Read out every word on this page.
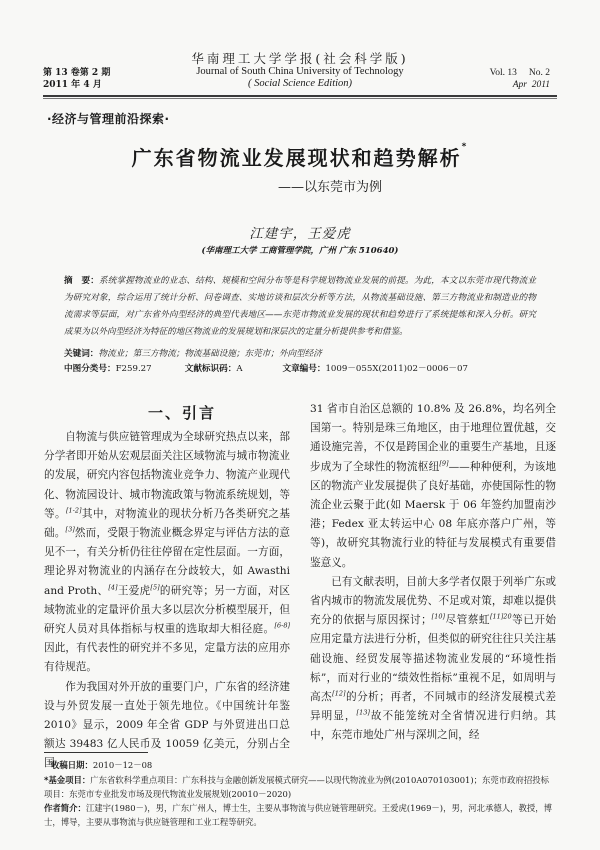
第 13 卷第 2 期
2011 年 4 月
华南理工大学学报(社会科学版)
Journal of South China University of Technology
( Social Science Edition)
Vol. 13 No. 2
Apr 2011
·经济与管理前沿探索·
广东省物流业发展现状和趋势解析*
——以东莞市为例
江建宇，王爱虎
(华南理工大学 工商管理学院，广州 广东 510640)
摘　要：系统掌握物流业的业态、结构、规模和空间分布等是科学规划物流业发展的前提。为此，本文以东莞市现代物流业为研究对象，综合运用了统计分析、问卷调查、实地访谈和层次分析等方法，从物流基础设施、第三方物流业和制造业的物流需求等层面，对广东省外向型经济的典型代表地区——东莞市物流业发展的现状和趋势进行了系统提炼和深入分析。研究成果为以外向型经济为特征的地区物流业的发展规划和深层次的定量分析提供参考和借鉴。
关键词：物流业；第三方物流；物流基础设施；东莞市；外向型经济
中图分类号：F259.27	文献标识码：A	文章编号：1009－055X(2011)02－0006－07
一、引言

自物流与供应链管理成为全球研究热点以来，部分学者即开始从宏观层面关注区域物流与城市物流业的发展，研究内容包括物流业竞争力、物流产业现代化、物流园设计、城市物流政策与物流系统规划，等等。[1-2]其中，对物流业的现状分析乃各类研究之基础。[3]然而，受限于物流业概念界定与评估方法的意见不一，有关分析仍往往停留在定性层面。一方面，理论界对物流业的内涵存在分歧较大，如 Awasthi and Proth、[4]王爱虎[5]的研究等；另一方面，对区域物流业的定量评价虽大多以层次分析模型展开，但研究人员对具体指标与权重的选取却大相径庭。[6-8]因此，有代表性的研究并不多见，定量方法的应用亦有待规范。

作为我国对外开放的重要门户，广东省的经济建设与外贸发展一直处于领先地位。《中国统计年鉴 2010》显示，2009 年全省 GDP 与外贸进出口总额达 39483 亿人民币及 10059 亿美元，分别占全国

31 省市自治区总额的 10.8% 及 26.8%，均名列全国第一。特别是珠三角地区，由于地理位置优越，交通设施完善，不仅是跨国企业的重要生产基地，且逐步成为了全球性的物流枢纽[9]——种种便利，为该地区的物流产业发展提供了良好基础，亦使国际性的物流企业云聚于此(如 Maersk 于 06 年签约加盟南沙港；Fedex 亚太转运中心 08 年底亦落户广州，等等)，故研究其物流行业的特征与发展模式有重要借鉴意义。

已有文献表明，目前大多学者仅限于列举广东或省内城市的物流发展优势、不足或对策，却难以提供充分的依据与原因探讨；[10]尽管蔡虹$^{[11]20}$等已开始应用定量方法进行分析，但类似的研究往往只关注基础设施、经贸发展等描述物流业发展的“环境性指标”，而对行业的“绩效性指标”重视不足，如周明与高杰[12]的分析；再者，不同城市的经济发展模式差异明显，[13]故不能笼统对全省情况进行归纳。其中，东莞市地处广州与深圳之间，经

收稿日期：2010－12－08
*基金项目：广东省软科学重点项目：广东科技与金融创新发展模式研究——以现代物流业为例(2010A070103001)；东莞市政府招投标项目：东莞市专业批发市场及现代物流业发展规划(20010－2020)
作者简介：江建宇(1980－)，男，广东广州人，博士生，主要从事物流与供应链管理研究。王爱虎(1969－)，男，河北承德人，教授，博士，博导，主要从事物流与供应链管理和工业工程等研究。
